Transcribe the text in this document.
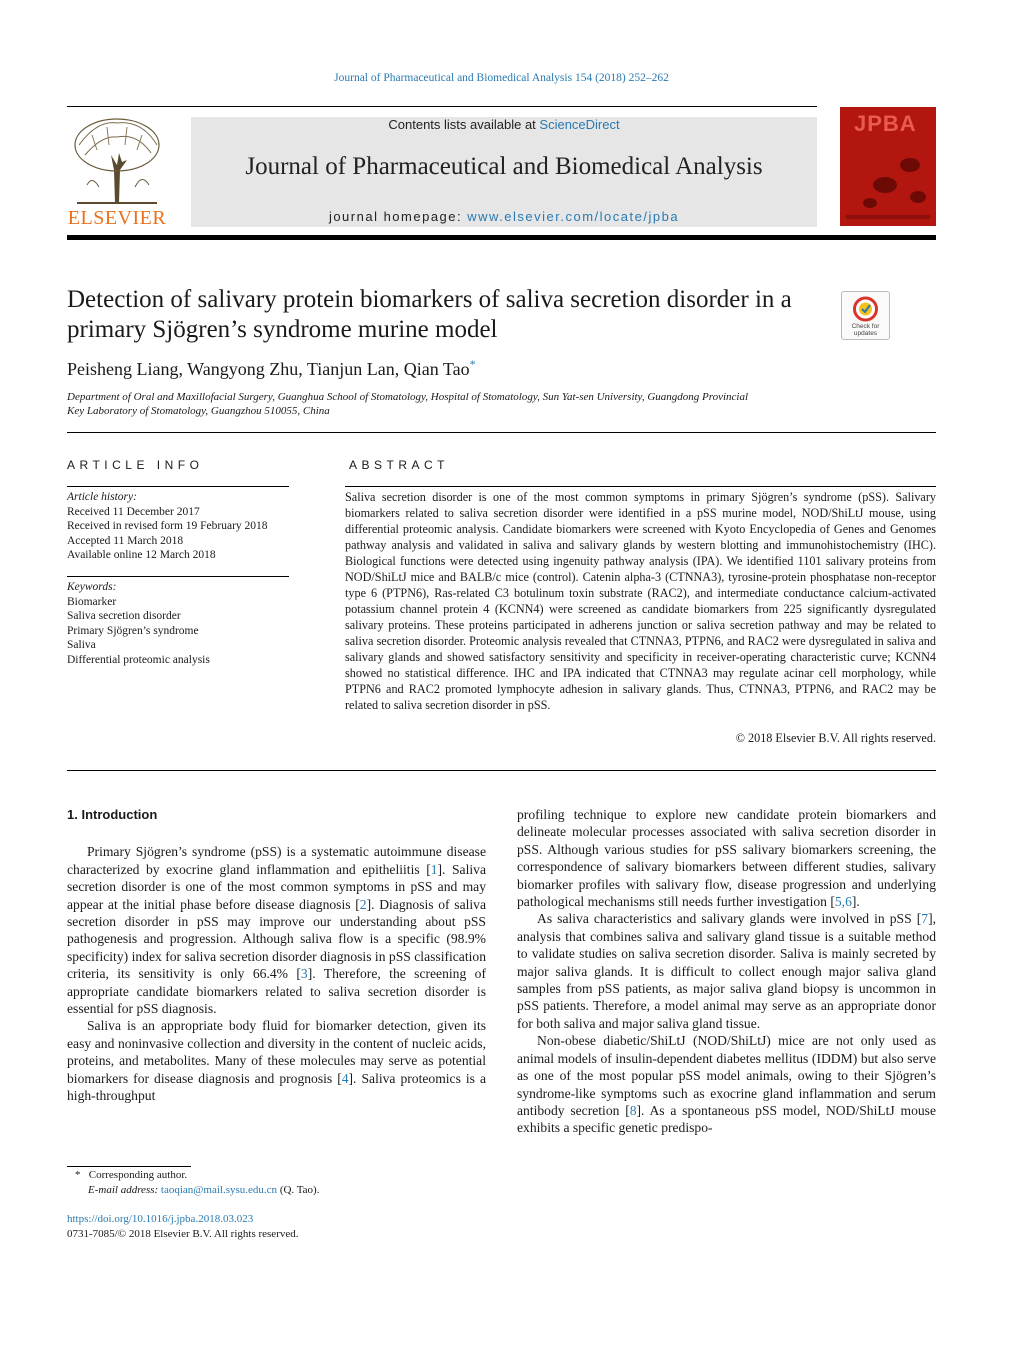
Journal of Pharmaceutical and Biomedical Analysis 154 (2018) 252–262
ELSEVIER
Contents lists available at ScienceDirect
Journal of Pharmaceutical and Biomedical Analysis
journal homepage: www.elsevier.com/locate/jpba
JPBA
Detection of salivary protein biomarkers of saliva secretion disorder in a primary Sjögren’s syndrome murine model	Check for updates
Peisheng Liang, Wangyong Zhu, Tianjun Lan, Qian Tao*
Department of Oral and Maxillofacial Surgery, Guanghua School of Stomatology, Hospital of Stomatology, Sun Yat-sen University, Guangdong Provincial
Key Laboratory of Stomatology, Guangzhou 510055, China
ARTICLE INFO	ABSTRACT
Article history:
Received 11 December 2017
Received in revised form 19 February 2018
Accepted 11 March 2018
Available online 12 March 2018
Keywords:
Biomarker
Saliva secretion disorder
Primary Sjögren’s syndrome
Saliva
Differential proteomic analysis
Saliva secretion disorder is one of the most common symptoms in primary Sjögren’s syndrome (pSS). Salivary biomarkers related to saliva secretion disorder were identified in a pSS murine model, NOD/ShiLtJ mouse, using differential proteomic analysis. Candidate biomarkers were screened with Kyoto Encyclopedia of Genes and Genomes pathway analysis and validated in saliva and salivary glands by western blotting and immunohistochemistry (IHC). Biological functions were detected using ingenuity pathway analysis (IPA). We identified 1101 salivary proteins from NOD/ShiLtJ mice and BALB/c mice (control). Catenin alpha-3 (CTNNA3), tyrosine-protein phosphatase non-receptor type 6 (PTPN6), Ras-related C3 botulinum toxin substrate (RAC2), and intermediate conductance calcium-activated potassium channel protein 4 (KCNN4) were screened as candidate biomarkers from 225 significantly dysregulated salivary proteins. These proteins participated in adherens junction or saliva secretion pathway and may be related to saliva secretion disorder. Proteomic analysis revealed that CTNNA3, PTPN6, and RAC2 were dysregulated in saliva and salivary glands and showed satisfactory sensitivity and specificity in receiver-operating characteristic curve; KCNN4 showed no statistical difference. IHC and IPA indicated that CTNNA3 may regulate acinar cell morphology, while PTPN6 and RAC2 promoted lymphocyte adhesion in salivary glands. Thus, CTNNA3, PTPN6, and RAC2 may be related to saliva secretion disorder in pSS.
© 2018 Elsevier B.V. All rights reserved.
1. Introduction

Primary Sjögren’s syndrome (pSS) is a systematic autoimmune disease characterized by exocrine gland inflammation and epitheliitis [1]. Saliva secretion disorder is one of the most common symptoms in pSS and may appear at the initial phase before disease diagnosis [2]. Diagnosis of saliva secretion disorder in pSS may improve our understanding about pSS pathogenesis and progression. Although saliva flow is a specific (98.9% specificity) index for saliva secretion disorder diagnosis in pSS classification criteria, its sensitivity is only 66.4% [3]. Therefore, the screening of appropriate candidate biomarkers related to saliva secretion disorder is essential for pSS diagnosis.

Saliva is an appropriate body fluid for biomarker detection, given its easy and noninvasive collection and diversity in the content of nucleic acids, proteins, and metabolites. Many of these molecules may serve as potential biomarkers for disease diagnosis and prognosis [4]. Saliva proteomics is a high-throughput

profiling technique to explore new candidate protein biomarkers and delineate molecular processes associated with saliva secretion disorder in pSS. Although various studies for pSS salivary biomarkers screening, the correspondence of salivary biomarkers between different studies, salivary biomarker profiles with salivary flow, disease progression and underlying pathological mechanisms still needs further investigation [5,6].

As saliva characteristics and salivary glands were involved in pSS [7], analysis that combines saliva and salivary gland tissue is a suitable method to validate studies on saliva secretion disorder. Saliva is mainly secreted by major saliva glands. It is difficult to collect enough major saliva gland samples from pSS patients, as major saliva gland biopsy is uncommon in pSS patients. Therefore, a model animal may serve as an appropriate donor for both saliva and major saliva gland tissue.

Non-obese diabetic/ShiLtJ (NOD/ShiLtJ) mice are not only used as animal models of insulin-dependent diabetes mellitus (IDDM) but also serve as one of the most popular pSS model animals, owing to their Sjögren’s syndrome-like symptoms such as exocrine gland inflammation and serum antibody secretion [8]. As a spontaneous pSS model, NOD/ShiLtJ mouse exhibits a specific genetic predispo-

* Corresponding author.
E-mail address: taoqian@mail.sysu.edu.cn (Q. Tao).
https://doi.org/10.1016/j.jpba.2018.03.023
0731-7085/© 2018 Elsevier B.V. All rights reserved.
